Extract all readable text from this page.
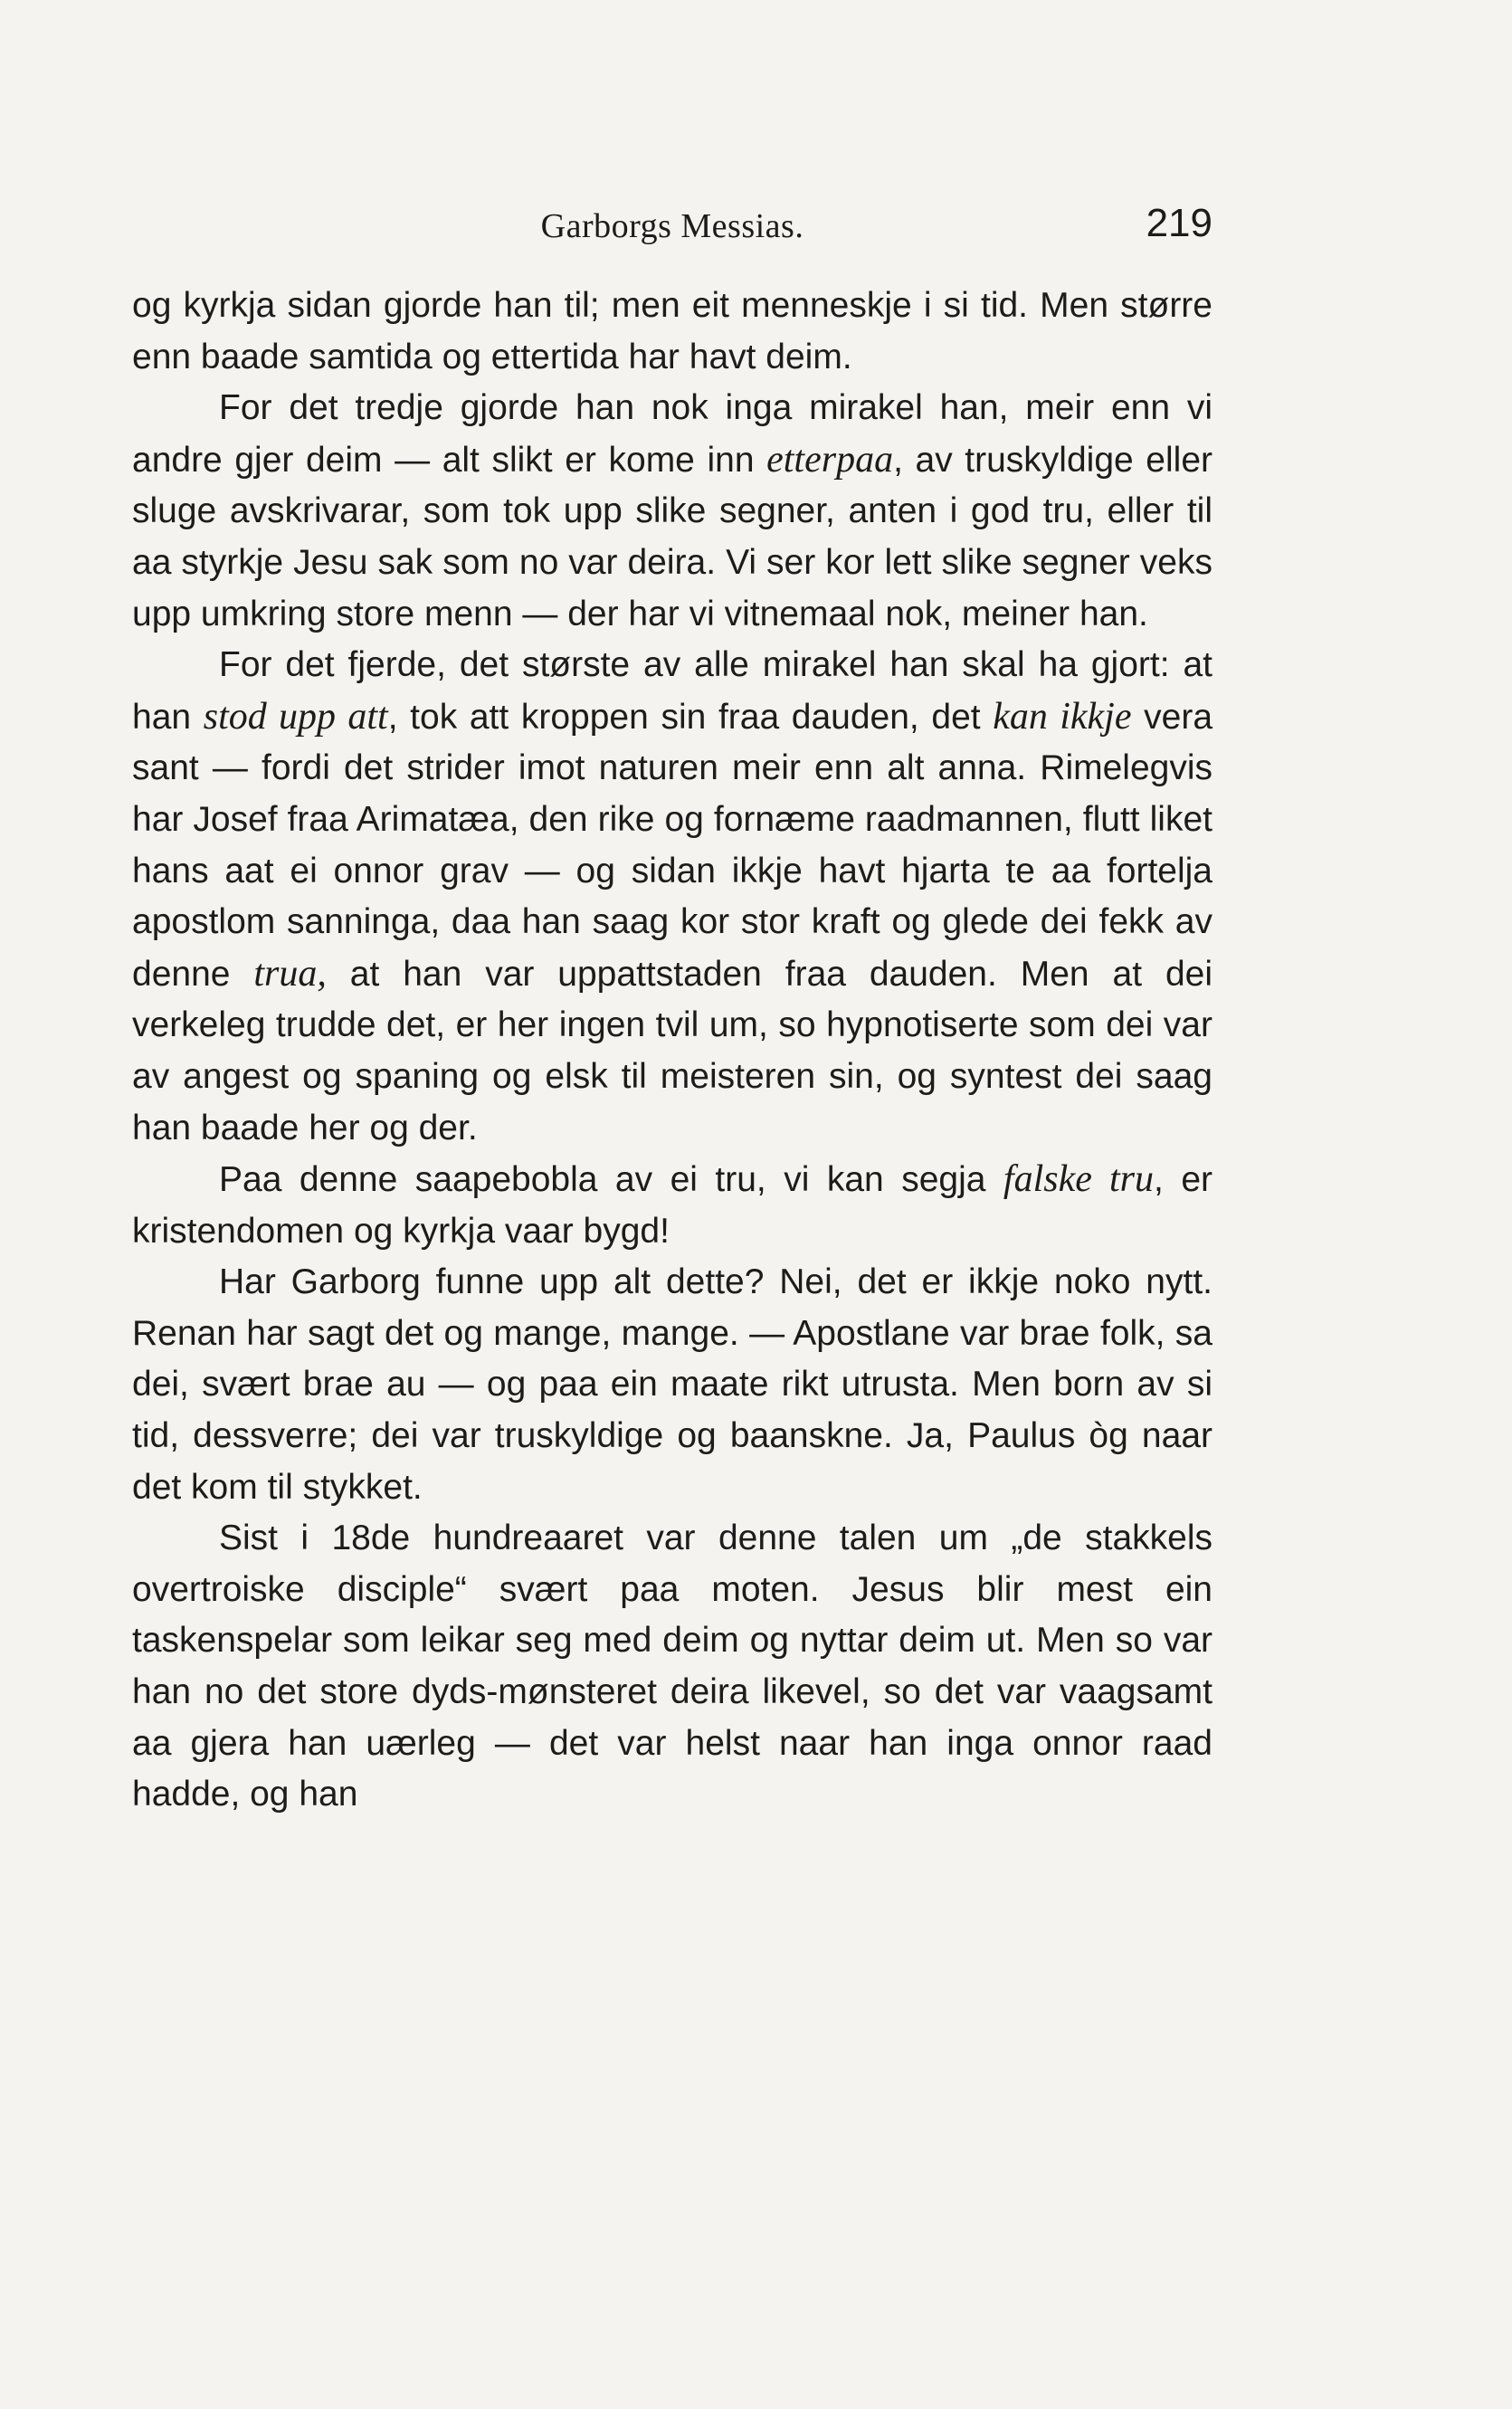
Garborgs Messias.	219

og kyrkja sidan gjorde han til; men eit menneskje i si tid. Men større enn baade samtida og ettertida har havt deim.

For det tredje gjorde han nok inga mirakel han, meir enn vi andre gjer deim — alt slikt er kome inn etterpaa, av truskyldige eller sluge avskrivarar, som tok upp slike segner, anten i god tru, eller til aa styrkje Jesu sak som no var deira. Vi ser kor lett slike segner veks upp umkring store menn — der har vi vitnemaal nok, meiner han.

For det fjerde, det største av alle mirakel han skal ha gjort: at han stod upp att, tok att kroppen sin fraa dauden, det kan ikkje vera sant — fordi det strider imot naturen meir enn alt anna. Rimelegvis har Josef fraa Arimatæa, den rike og fornæme raadmannen, flutt liket hans aat ei onnor grav — og sidan ikkje havt hjarta te aa fortelja apostlom sanninga, daa han saag kor stor kraft og glede dei fekk av denne trua, at han var uppattstaden fraa dauden. Men at dei verkeleg trudde det, er her ingen tvil um, so hypnotiserte som dei var av angest og spaning og elsk til meisteren sin, og syntest dei saag han baade her og der.

Paa denne saapebobla av ei tru, vi kan segja falske tru, er kristendomen og kyrkja vaar bygd!

Har Garborg funne upp alt dette? Nei, det er ikkje noko nytt. Renan har sagt det og mange, mange. — Apostlane var brae folk, sa dei, svært brae au — og paa ein maate rikt utrusta. Men born av si tid, dessverre; dei var truskyldige og baanskne. Ja, Paulus òg naar det kom til stykket.

Sist i 18de hundreaaret var denne talen um „de stakkels overtroiske disciple“ svært paa moten. Jesus blir mest ein taskenspelar som leikar seg med deim og nyttar deim ut. Men so var han no det store dyds-mønsteret deira likevel, so det var vaagsamt aa gjera han uærleg — det var helst naar han inga onnor raad hadde, og han
